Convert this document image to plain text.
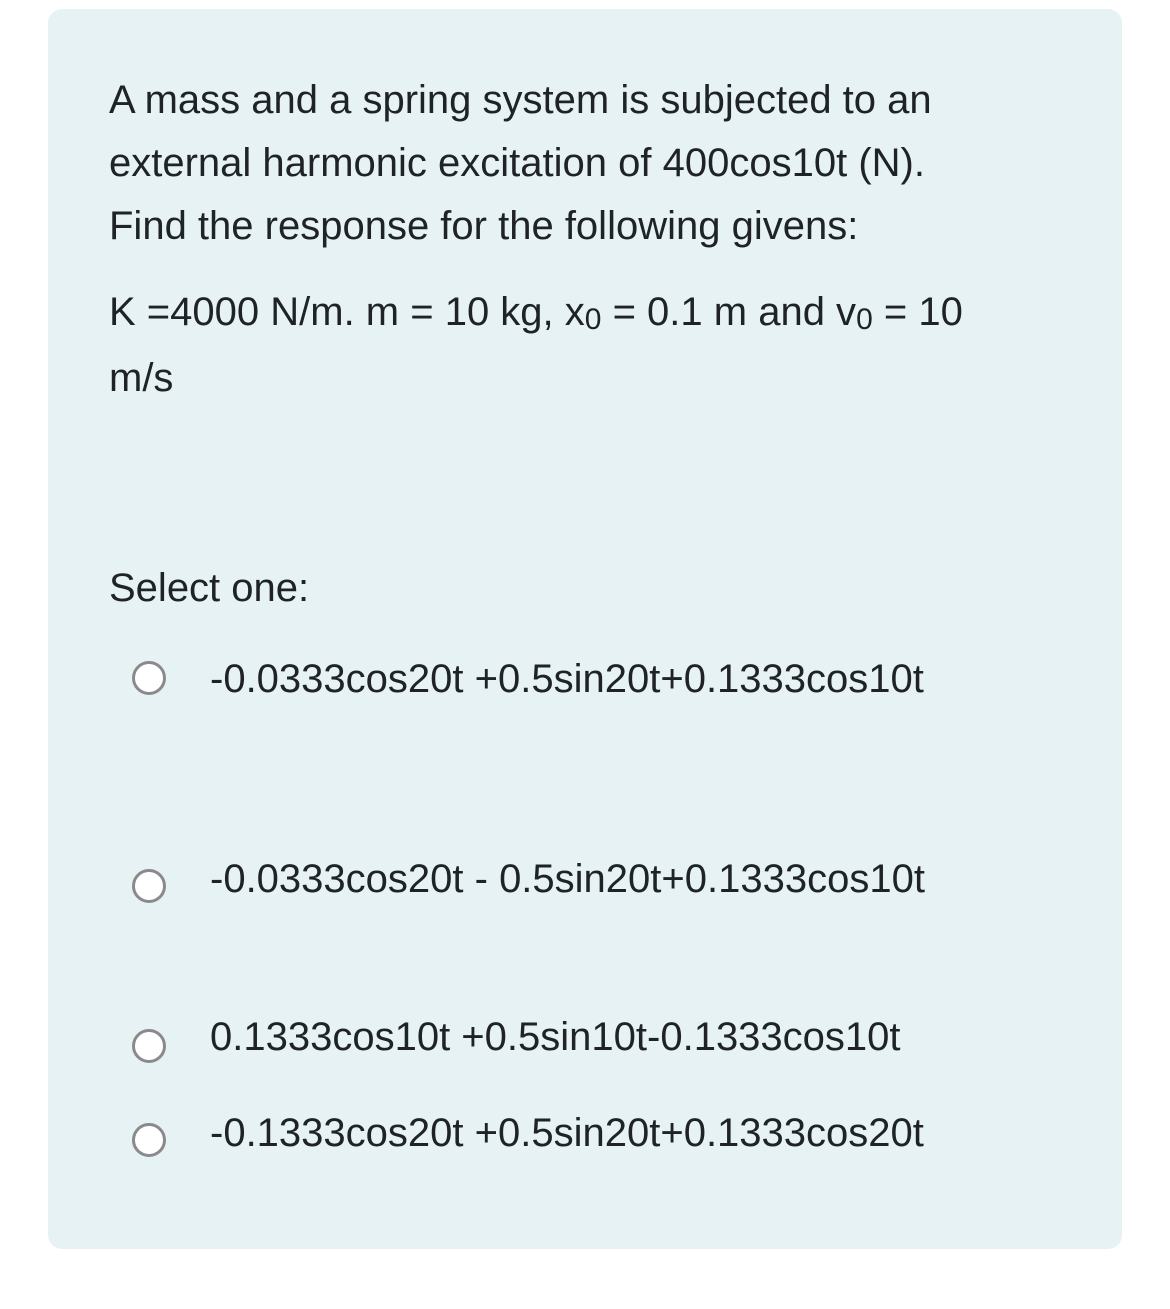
A mass and a spring system is subjected to an

external harmonic excitation of 400cos10t (N).

Find the response for the following givens:

K =4000 N/m. m = 10 kg, x0 = 0.1 m and v0 = 10
m/s
Select one:
-0.0333cos20t +0.5sin20t+0.1333cos10t
-0.0333cos20t - 0.5sin20t+0.1333cos10t
0.1333cos10t +0.5sin10t-0.1333cos10t
-0.1333cos20t +0.5sin20t+0.1333cos20t
